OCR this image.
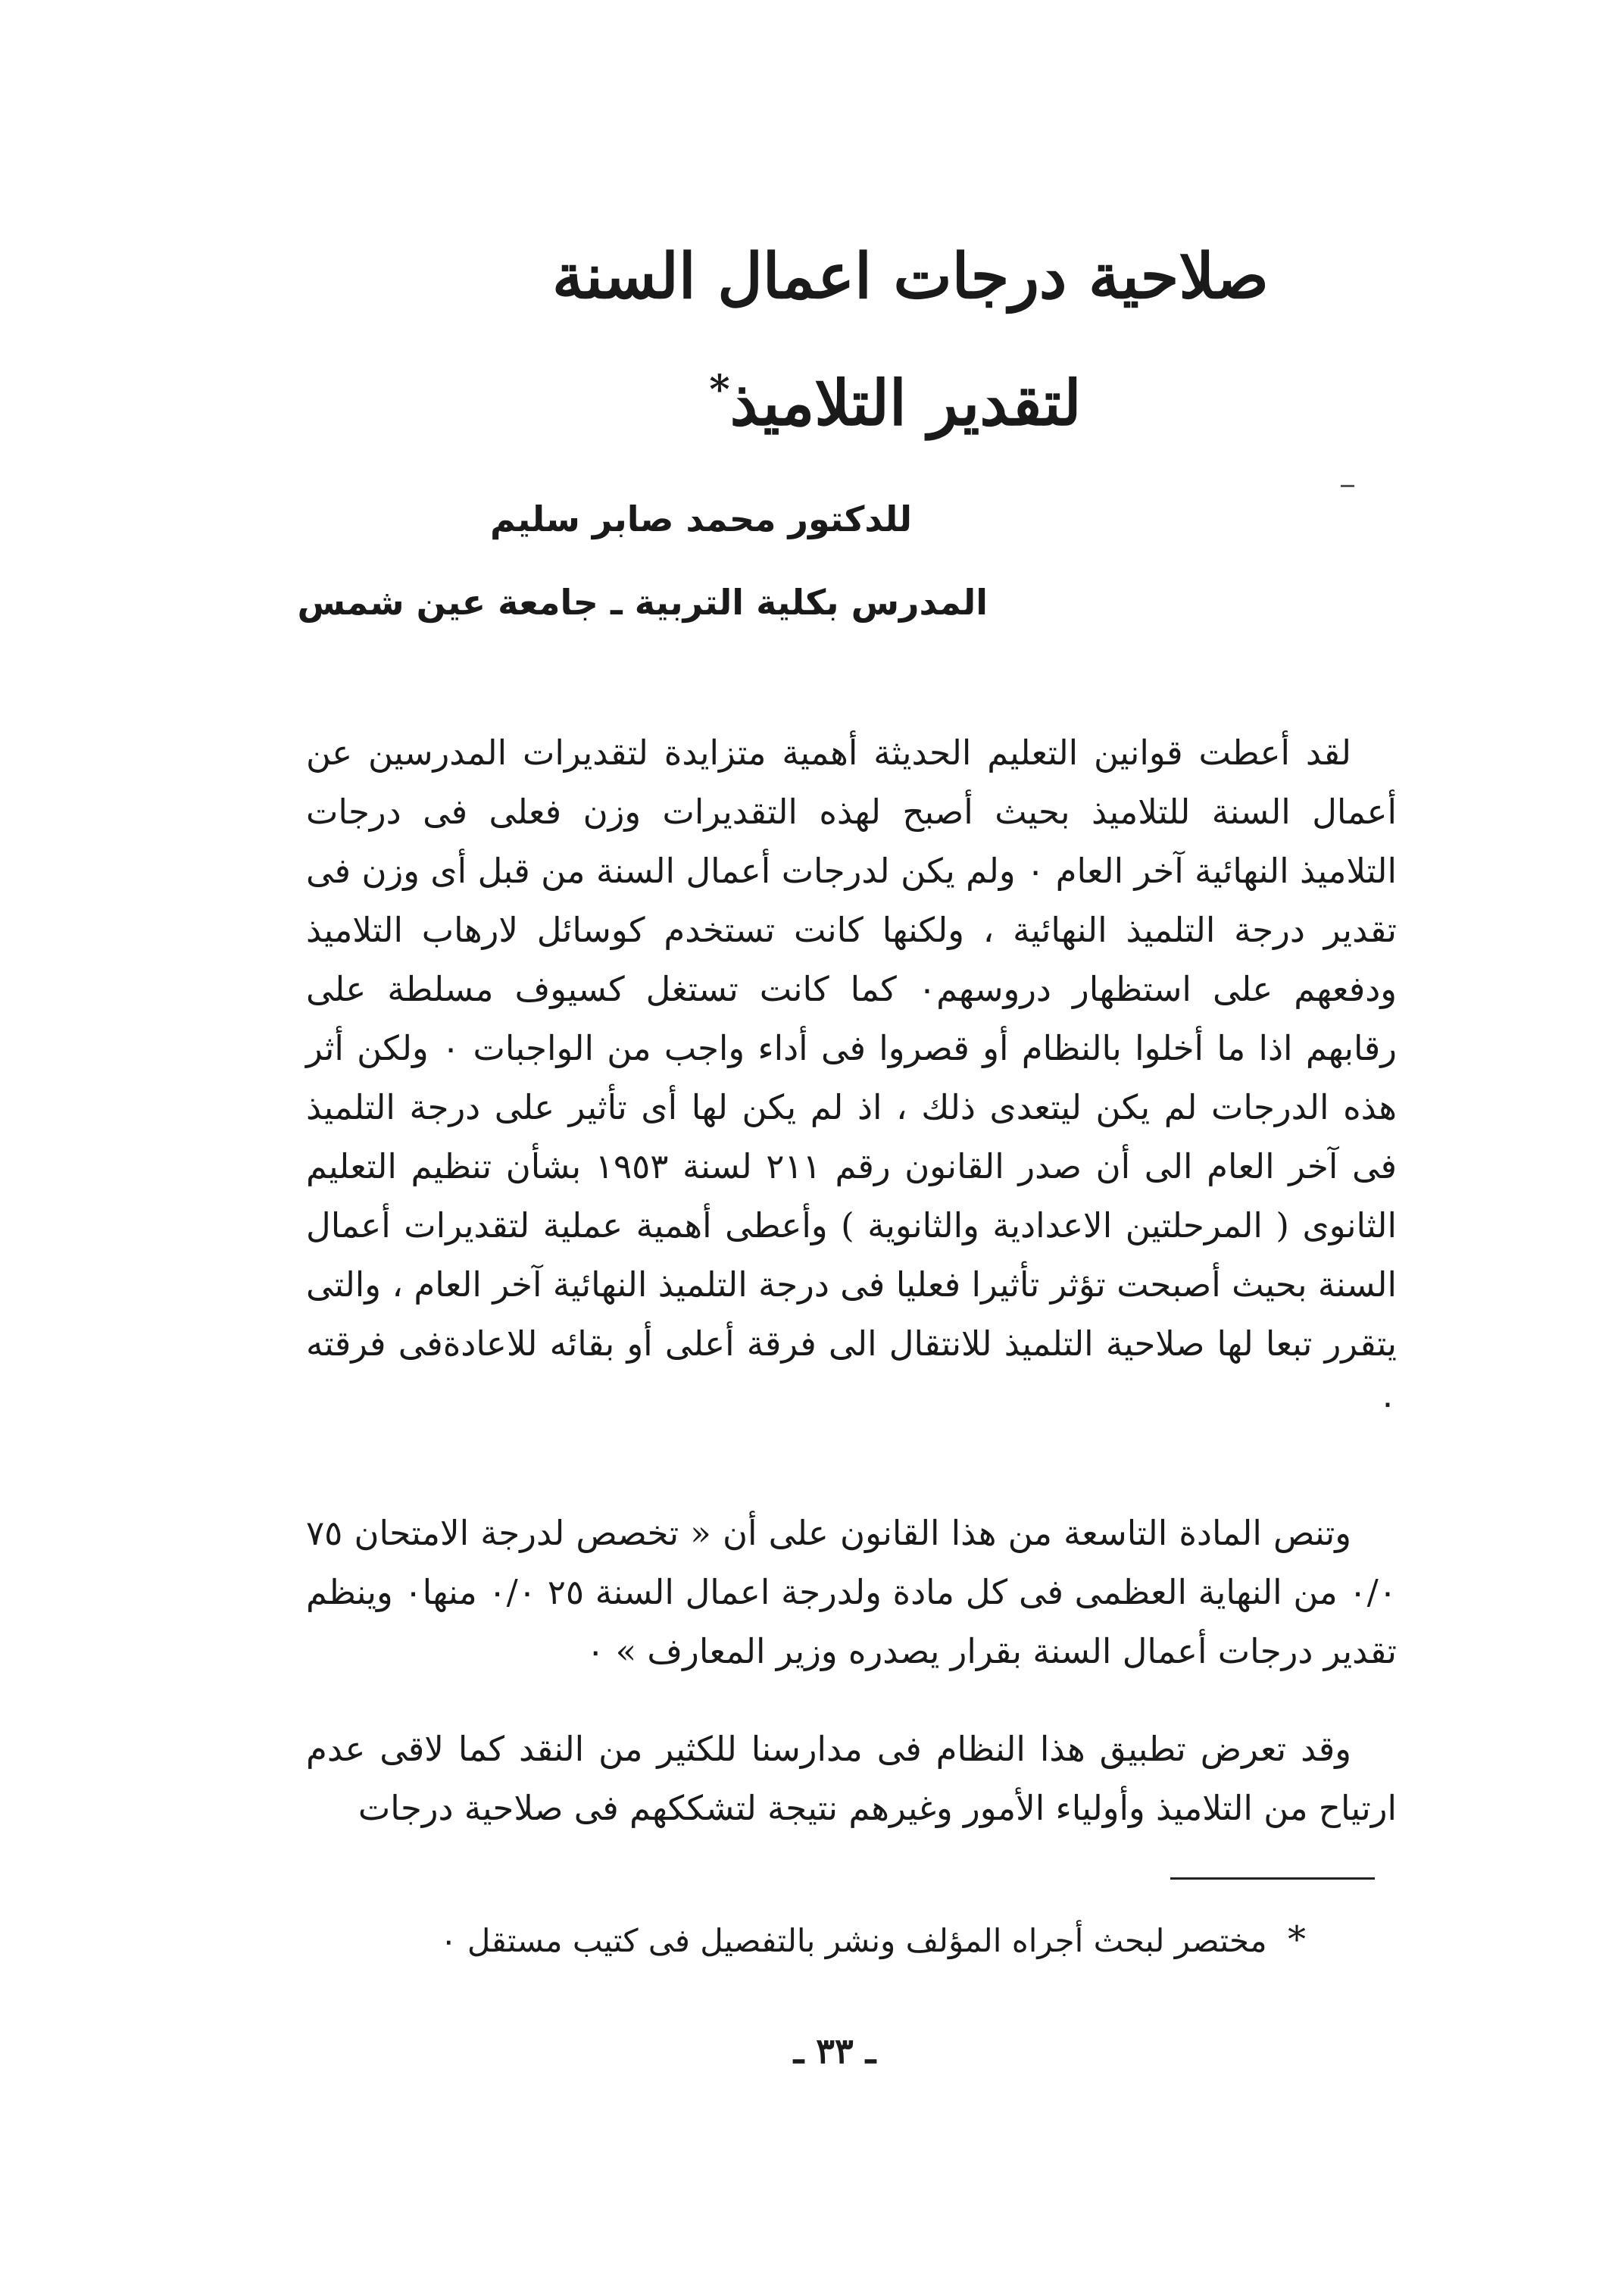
صلاحية درجات اعمال السنة
لتقدير التلاميذ*
للدكتور محمد صابر سليم
المدرس بكلية التربية ـ جامعة عين شمس

لقد أعطت قوانين التعليم الحديثة أهمية متزايدة لتقديرات المدرسين عن أعمال السنة للتلاميذ بحيث أصبح لهذه التقديرات وزن فعلى فى درجات التلاميذ النهائية آخر العام ٠ ولم يكن لدرجات أعمال السنة من قبل أى وزن فى تقدير درجة التلميذ النهائية ، ولكنها كانت تستخدم كوسائل لارهاب التلاميذ ودفعهم على استظهار دروسهم٠ كما كانت تستغل كسيوف مسلطة على رقابهم اذا ما أخلوا بالنظام أو قصروا فى أداء واجب من الواجبات ٠ ولكن أثر هذه الدرجات لم يكن ليتعدى ذلك ، اذ لم يكن لها أى تأثير على درجة التلميذ فى آخر العام الى أن صدر القانون رقم ٢١١ لسنة ١٩٥٣ بشأن تنظيم التعليم الثانوى ( المرحلتين الاعدادية والثانوية ) وأعطى أهمية عملية لتقديرات أعمال السنة بحيث أصبحت تؤثر تأثيرا فعليا فى درجة التلميذ النهائية آخر العام ، والتى يتقرر تبعا لها صلاحية التلميذ للانتقال الى فرقة أعلى أو بقائه للاعادةفى فرقته ٠

وتنص المادة التاسعة من هذا القانون على أن « تخصص لدرجة الامتحان ٧٥ ٠/٠ من النهاية العظمى فى كل مادة ولدرجة اعمال السنة ٢٥ ٠/٠ منها٠ وينظم تقدير درجات أعمال السنة بقرار يصدره وزير المعارف » ٠

وقد تعرض تطبيق هذا النظام فى مدارسنا للكثير من النقد كما لاقى عدم ارتياح من التلاميذ وأولياء الأمور وغيرهم نتيجة لتشككهم فى صلاحية درجات

* مختصر لبحث أجراه المؤلف ونشر بالتفصيل فى كتيب مستقل ٠
ـ ٣٣ ـ
